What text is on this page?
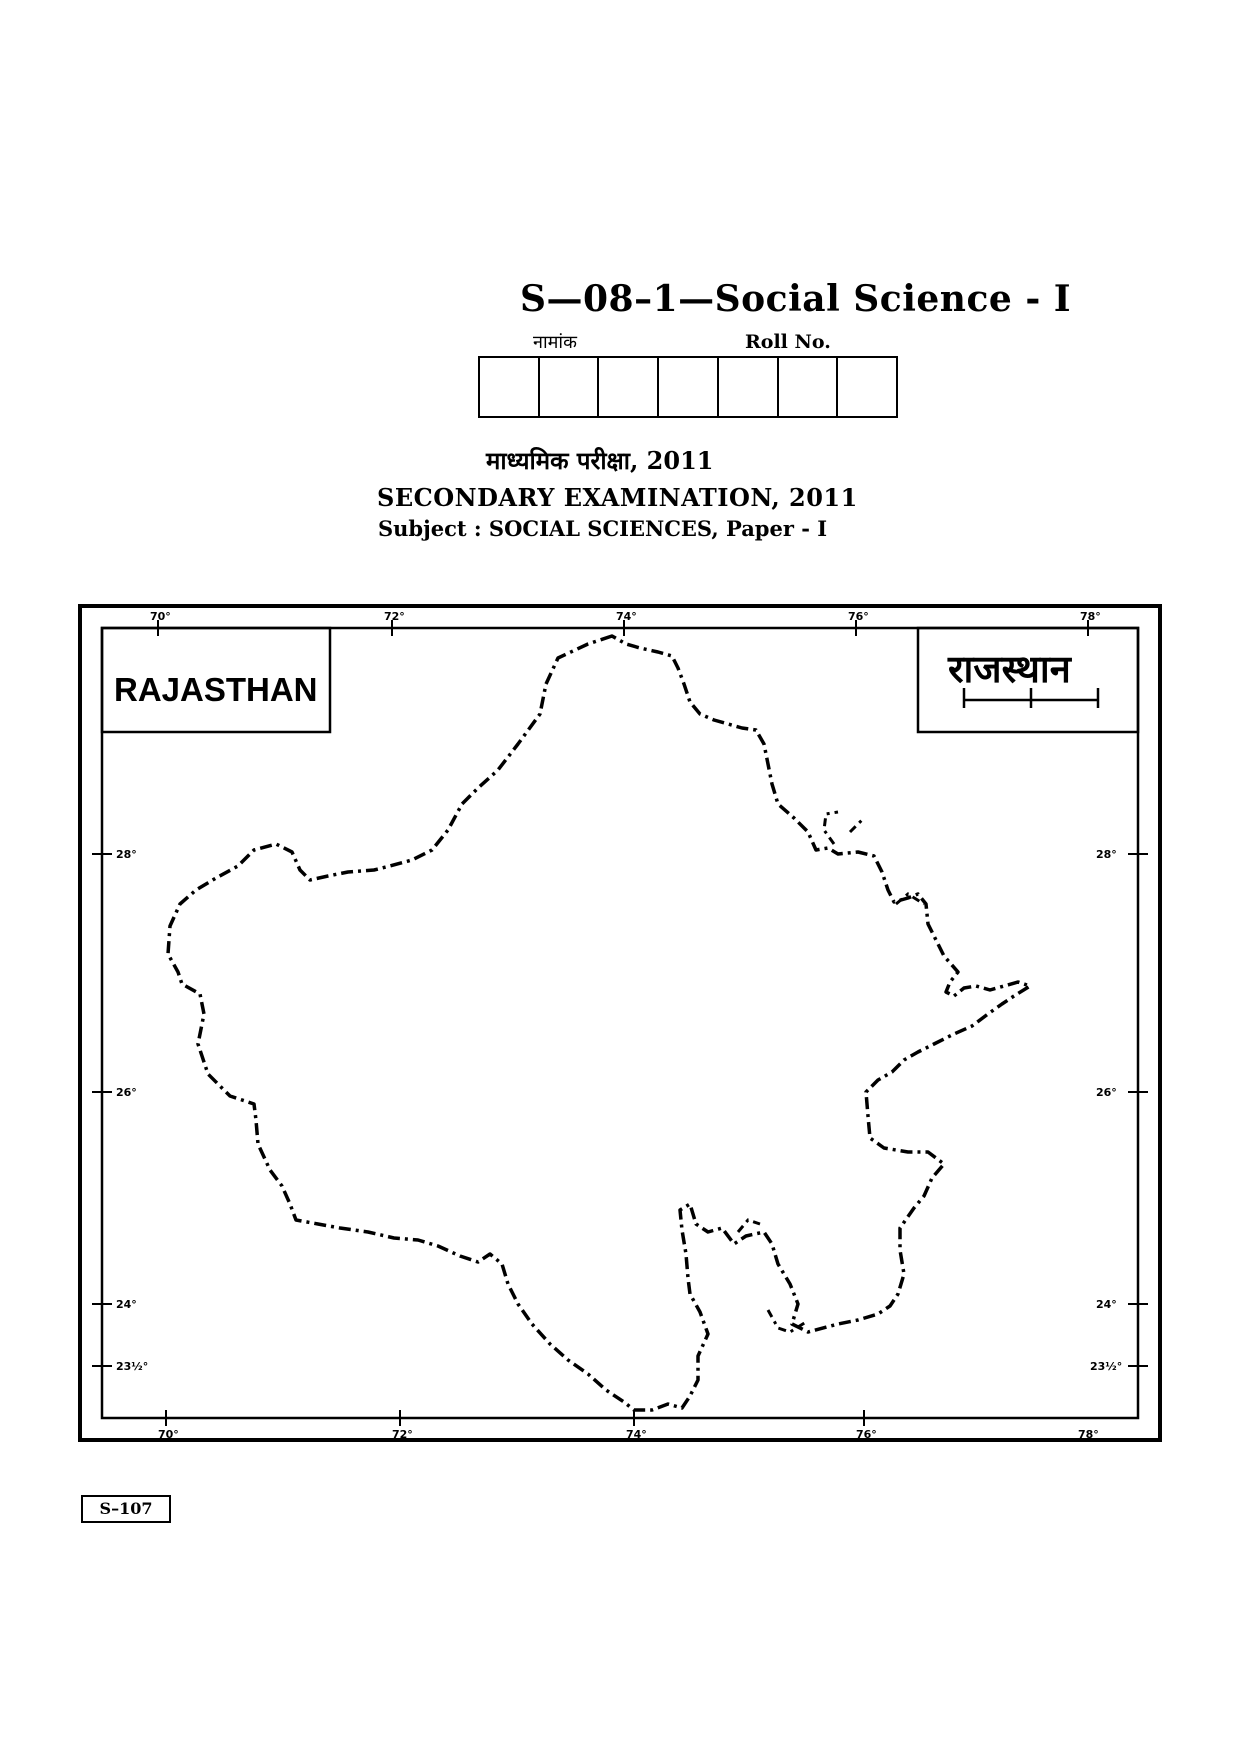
S—08–1—Social Science - I
नामांक	Roll No.
माध्यमिक परीक्षा, 2011
SECONDARY EXAMINATION, 2011
Subject : SOCIAL SCIENCES, Paper - I
RAJASTHAN	राजस्थान
70°	72°	74°	76°	78°
70°	72°	74°	76°	78°
28°
26°
24°
23½°
28°
26°
24°
23½°
S–107
